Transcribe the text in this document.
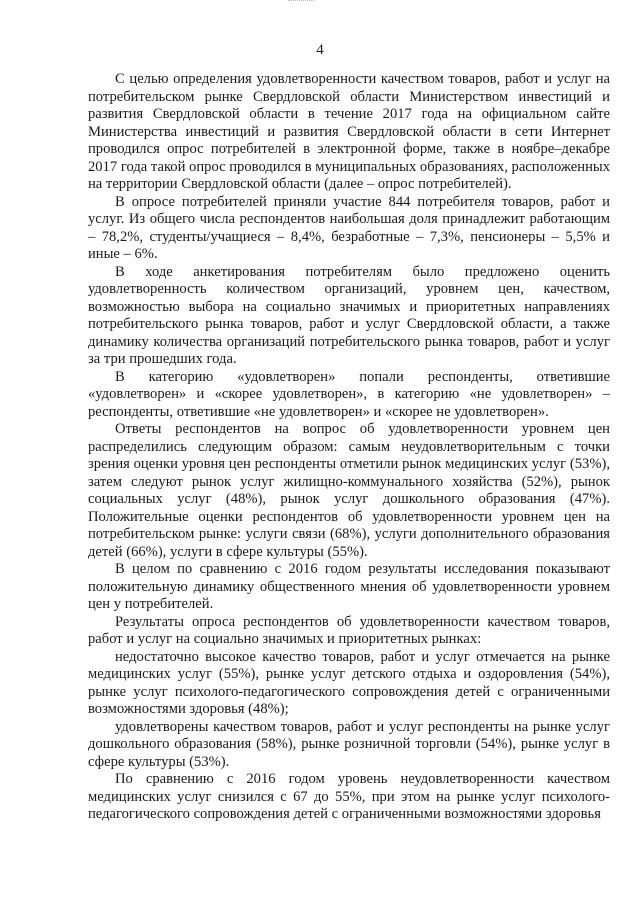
4

С целью определения удовлетворенности качеством товаров, работ и услуг на потребительском рынке Свердловской области Министерством инвестиций и развития Свердловской области в течение 2017 года на официальном сайте Министерства инвестиций и развития Свердловской области в сети Интернет проводился опрос потребителей в электронной форме, также в ноябре–декабре 2017 года такой опрос проводился в муниципальных образованиях, расположенных на территории Свердловской области (далее – опрос потребителей).

В опросе потребителей приняли участие 844 потребителя товаров, работ и услуг. Из общего числа респондентов наибольшая доля принадлежит работающим – 78,2%, студенты/учащиеся – 8,4%, безработные – 7,3%, пенсионеры – 5,5% и иные – 6%.

В ходе анкетирования потребителям было предложено оценить удовлетворенность количеством организаций, уровнем цен, качеством, возможностью выбора на социально значимых и приоритетных направлениях потребительского рынка товаров, работ и услуг Свердловской области, а также динамику количества организаций потребительского рынка товаров, работ и услуг за три прошедших года.

В категорию «удовлетворен» попали респонденты, ответившие «удовлетворен» и «скорее удовлетворен», в категорию «не удовлетворен» – респонденты, ответившие «не удовлетворен» и «скорее не удовлетворен».

Ответы респондентов на вопрос об удовлетворенности уровнем цен распределились следующим образом: самым неудовлетворительным с точки зрения оценки уровня цен респонденты отметили рынок медицинских услуг (53%), затем следуют рынок услуг жилищно-коммунального хозяйства (52%), рынок социальных услуг (48%), рынок услуг дошкольного образования (47%). Положительные оценки респондентов об удовлетворенности уровнем цен на потребительском рынке: услуги связи (68%), услуги дополнительного образования детей (66%), услуги в сфере культуры (55%).

В целом по сравнению с 2016 годом результаты исследования показывают положительную динамику общественного мнения об удовлетворенности уровнем цен у потребителей.

Результаты опроса респондентов об удовлетворенности качеством товаров, работ и услуг на социально значимых и приоритетных рынках:

недостаточно высокое качество товаров, работ и услуг отмечается на рынке медицинских услуг (55%), рынке услуг детского отдыха и оздоровления (54%), рынке услуг психолого-педагогического сопровождения детей с ограниченными возможностями здоровья (48%);

удовлетворены качеством товаров, работ и услуг респонденты на рынке услуг дошкольного образования (58%), рынке розничной торговли (54%), рынке услуг в сфере культуры (53%).

По сравнению с 2016 годом уровень неудовлетворенности качеством медицинских услуг снизился с 67 до 55%, при этом на рынке услуг психолого-педагогического сопровождения детей с ограниченными возможностями здоровья
